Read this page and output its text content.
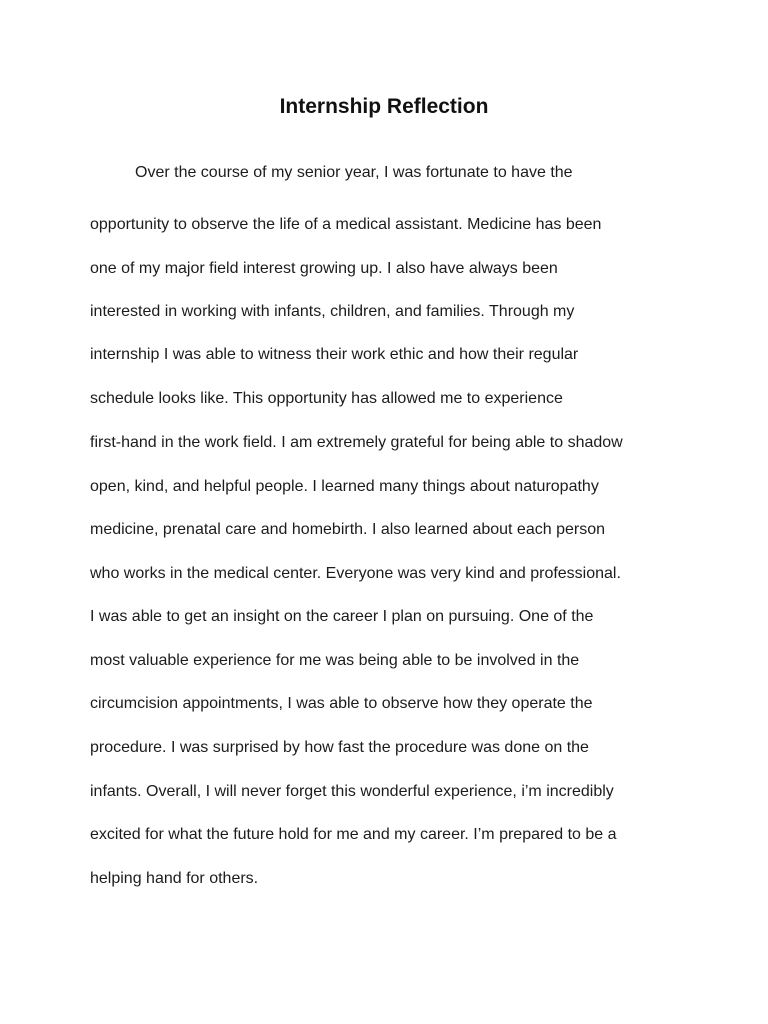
Internship Reflection
Over the course of my senior year, I was fortunate to have the
opportunity to observe the life of a medical assistant. Medicine has been
one of my major field interest growing up. I also have always been
interested in working with infants, children, and families. Through my
internship I was able to witness their work ethic and how their regular
schedule looks like. This opportunity has allowed me to experience
first-hand in the work field. I am extremely grateful for being able to shadow
open, kind, and helpful people. I learned many things about naturopathy
medicine, prenatal care and homebirth. I also learned about each person
who works in the medical center. Everyone was very kind and professional.
I was able to get an insight on the career I plan on pursuing. One of the
most valuable experience for me was being able to be involved in the
circumcision appointments, I was able to observe how they operate the
procedure. I was surprised by how fast the procedure was done on the
infants. Overall, I will never forget this wonderful experience, i’m incredibly
excited for what the future hold for me and my career. I’m prepared to be a
helping hand for others.
